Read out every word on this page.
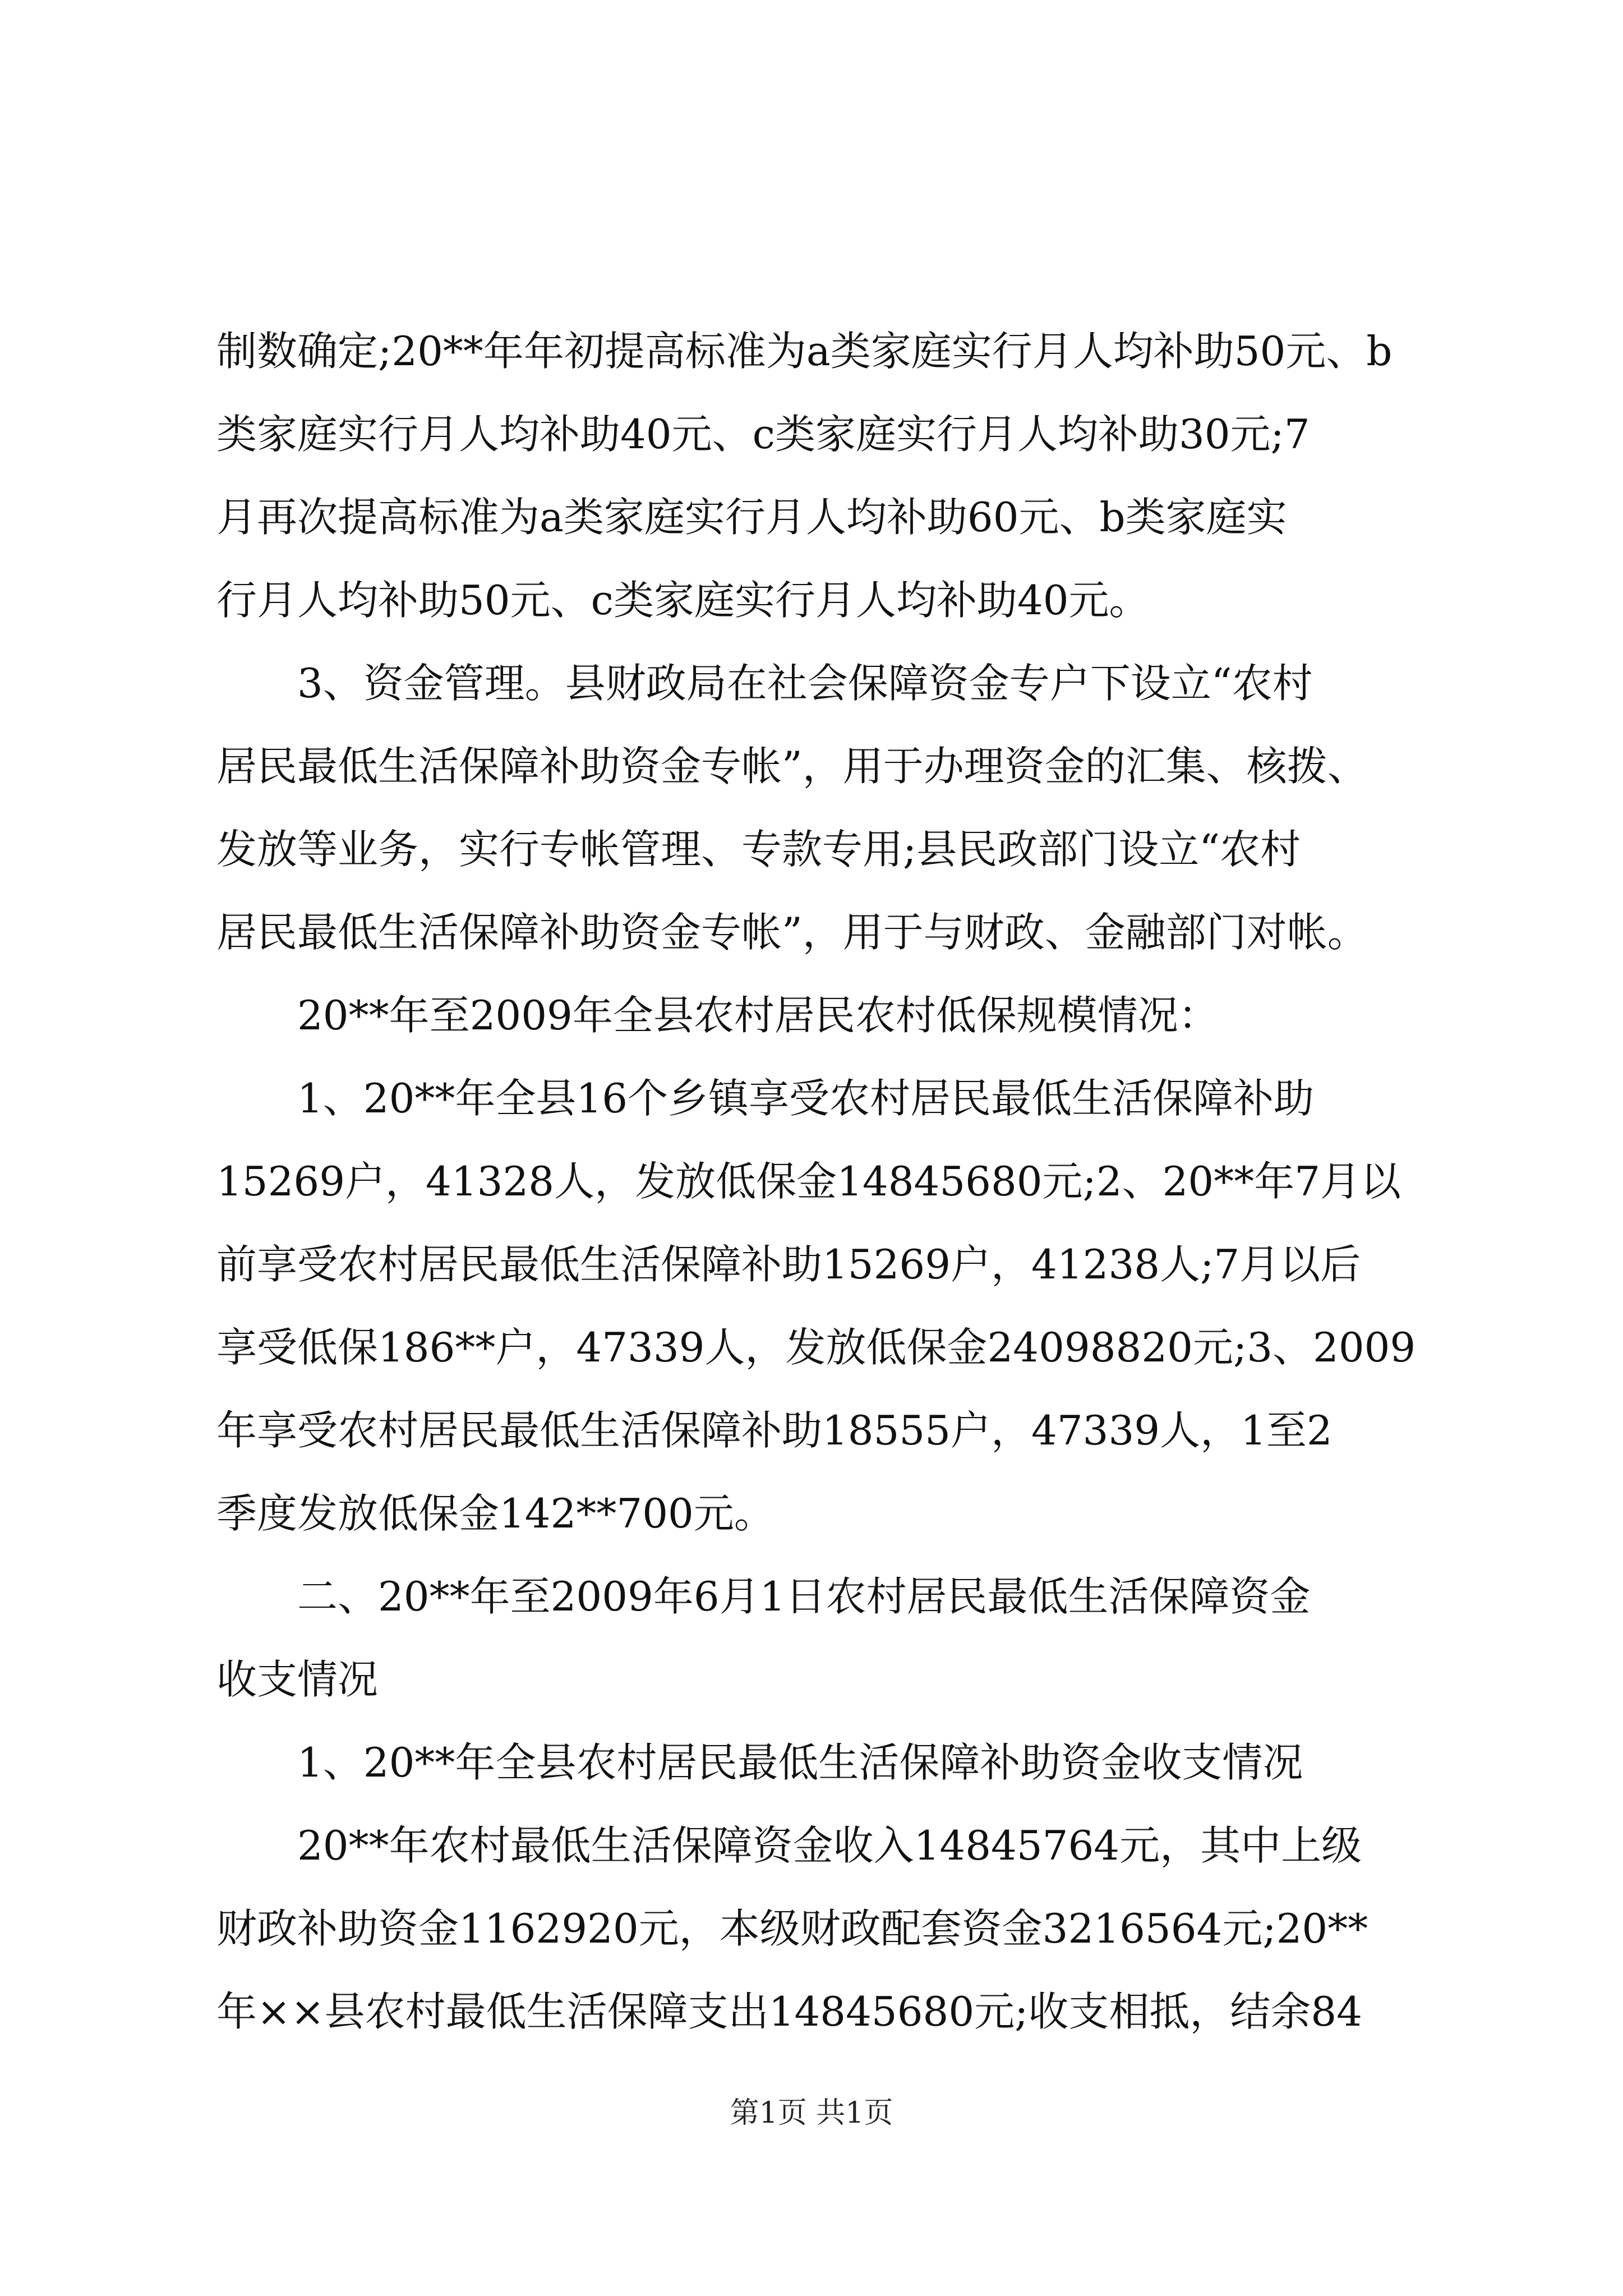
制数确定;20**年年初提高标准为a类家庭实行月人均补助50元、b
类家庭实行月人均补助40元、c类家庭实行月人均补助30元;7
月再次提高标准为a类家庭实行月人均补助60元、b类家庭实
行月人均补助50元、c类家庭实行月人均补助40元。
3、资金管理。县财政局在社会保障资金专户下设立“农村
居民最低生活保障补助资金专帐”，用于办理资金的汇集、核拨、
发放等业务，实行专帐管理、专款专用;县民政部门设立“农村
居民最低生活保障补助资金专帐”，用于与财政、金融部门对帐。
20**年至2009年全县农村居民农村低保规模情况：
1、20**年全县16个乡镇享受农村居民最低生活保障补助
15269户，41328人，发放低保金14845680元;2、20**年7月以
前享受农村居民最低生活保障补助15269户，41238人;7月以后
享受低保186**户，47339人，发放低保金24098820元;3、2009
年享受农村居民最低生活保障补助18555户，47339人，1至2
季度发放低保金142**700元。
二、20**年至2009年6月1日农村居民最低生活保障资金
收支情况
1、20**年全县农村居民最低生活保障补助资金收支情况
20**年农村最低生活保障资金收入14845764元，其中上级
财政补助资金1162920元，本级财政配套资金3216564元;20**
年××县农村最低生活保障支出14845680元;收支相抵，结余84
第1页 共1页
